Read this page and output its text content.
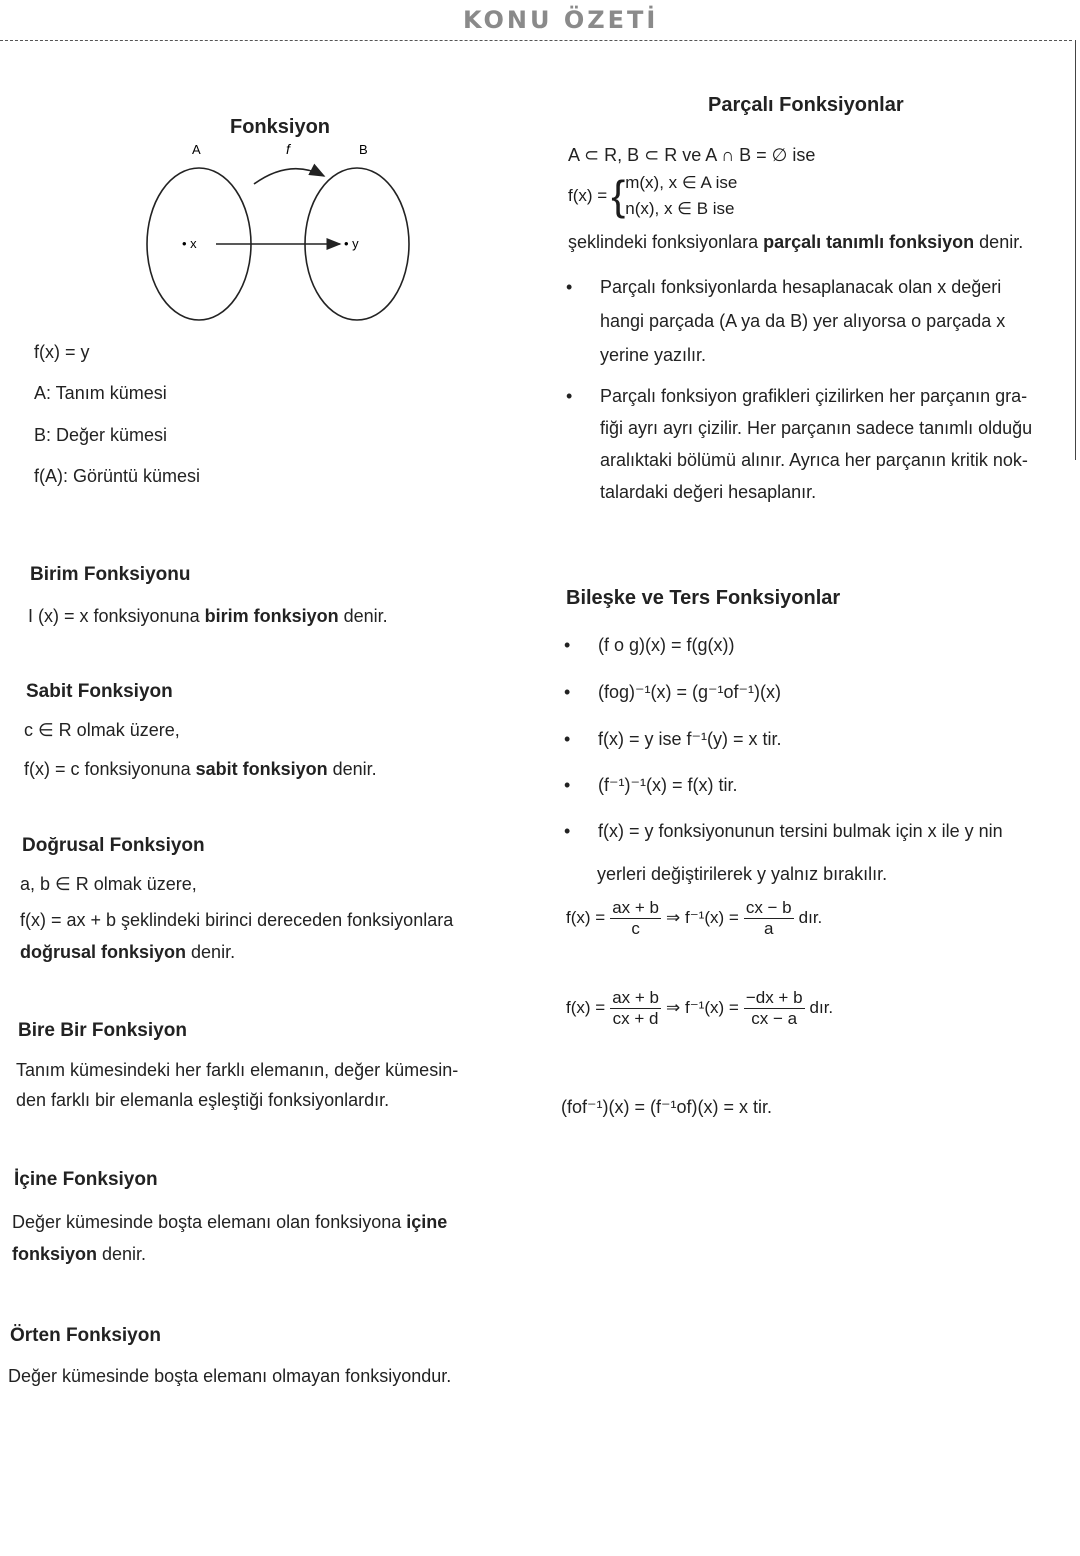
KONU ÖZETİ
Fonksiyon
A	B
f
• x	• y
f(x) = y
A: Tanım kümesi
B: Değer kümesi
f(A): Görüntü kümesi
Birim Fonksiyonu
I (x) = x fonksiyonuna birim fonksiyon denir.
Sabit Fonksiyon
c ∈ R olmak üzere,
f(x) = c fonksiyonuna sabit fonksiyon denir.
Doğrusal Fonksiyon
a, b ∈ R olmak üzere,
f(x) = ax + b şeklindeki birinci dereceden fonksiyonlara
doğrusal fonksiyon denir.
Bire Bir Fonksiyon
Tanım kümesindeki her farklı elemanın, değer kümesin-
den farklı bir elemanla eşleştiği fonksiyonlardır.
İçine Fonksiyon
Değer kümesinde boşta elemanı olan fonksiyona içine
fonksiyon denir.
Örten Fonksiyon
Değer kümesinde boşta elemanı olmayan fonksiyondur.
Parçalı Fonksiyonlar
A ⊂ R, B ⊂ R ve A ∩ B = ∅ ise
f(x) = { m(x), x ∈ A ise
n(x), x ∈ B ise
şeklindeki fonksiyonlara parçalı tanımlı fonksiyon denir.
• Parçalı fonksiyonlarda hesaplanacak olan x değeri
hangi parçada (A ya da B) yer alıyorsa o parçada x
yerine yazılır.
• Parçalı fonksiyon grafikleri çizilirken her parçanın gra-
fiği ayrı ayrı çizilir. Her parçanın sadece tanımlı olduğu
aralıktaki bölümü alınır. Ayrıca her parçanın kritik nok-
talardaki değeri hesaplanır.
Bileşke ve Ters Fonksiyonlar
• (f o g)(x) = f(g(x))
• (fog)⁻¹(x) = (g⁻¹of⁻¹)(x)
• f(x) = y ise f⁻¹(y) = x tir.
• (f⁻¹)⁻¹(x) = f(x) tir.
• f(x) = y fonksiyonunun tersini bulmak için x ile y nin
yerleri değiştirilerek y yalnız bırakılır.
$f(x) = \frac{ax + b}{c}$ ⇒ $f^{-1}(x) = \frac{cx - b}{a}$ dır.
$f(x) = \frac{ax + b}{cx + d}$ ⇒ $f^{-1}(x) = \frac{-dx + b}{cx - a}$ dır.
(fof⁻¹)(x) = (f⁻¹of)(x) = x tir.
